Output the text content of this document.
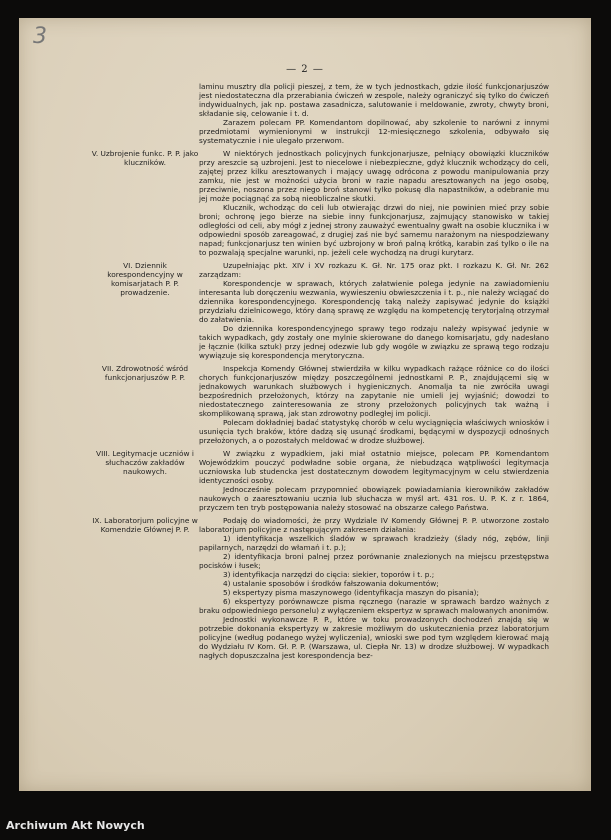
3
— 2 —

laminu musztry dla policji pieszej, z tem, że w tych jednostkach, gdzie ilość funkcjonarjuszów jest niedostateczna dla przerabiania ćwiczeń w zespole, należy ograniczyć się tylko do ćwiczeń indywidualnych, jak np. postawa zasadnicza, salutowanie i meldowanie, zwroty, chwyty broni, składanie się, celowanie i t. d.

Zarazem polecam PP. Komendantom dopilnować, aby szkolenie to narówni z innymi przedmiotami wymienionymi w instrukcji 12-miesięcznego szkolenia, odbywało się systematycznie i nie ulegało przerwom.

V. Uzbrojenie funkc. P. P. jako kluczników.

W niektórych jednostkach policyjnych funkcjonarjusze, pełniący obowiązki kluczników przy areszcie są uzbrojeni. Jest to niecelowe i niebezpieczne, gdyż klucznik wchodzący do celi, zajętej przez kilku aresztowanych i mający uwagę odrócona z powodu manipulowania przy zamku, nie jest w możności użycia broni w razie napadu aresztowanych na jego osobę, przeciwnie, noszona przez niego broń stanowi tylko pokusę dla napastników, a odebranie mu jej może pociągnąć za sobą nieobliczalne skutki.

Klucznik, wchodząc do celi lub otwierając drzwi do niej, nie powinien mieć przy sobie broni; ochronę jego bierze na siebie inny funkcjonarjusz, zajmujący stanowisko w takiej odległości od celi, aby mógł z jednej strony zauważyć ewentualny gwałt na osobie klucznika i w odpowiedni sposób zareagować, z drugiej zaś nie być samemu narażonym na niespodziewany napad; funkcjonarjusz ten winien być uzbrojony w broń palną krótką, karabin zaś tylko o ile na to pozwalają specjalne warunki, np. jeżeli cele wychodzą na drugi kurytarz.

VI. Dziennik korespondencyjny w komisarjatach P. P. prowadzenie.

Uzupełniając pkt. XIV i XV rozkazu K. Gł. Nr. 175 oraz pkt. I rozkazu K. Gł. Nr. 262 zarządzam:

Korespondencje w sprawach, których załatwienie polega jedynie na zawiadomieniu interesanta lub doręczeniu wezwania, wywieszeniu obwieszczenia i t. p., nie należy wciągać do dziennika korespondencyjnego. Korespondencję taką należy zapisywać jedynie do książki przydziału dzielnicowego, który daną sprawę ze względu na kompetencję terytorjalną otrzymał do załatwienia.

Do dziennika korespondencyjnego sprawy tego rodzaju należy wpisywać jedynie w takich wypadkach, gdy zostały one mylnie skierowane do danego komisarjatu, gdy nadesłano je łącznie (kilka sztuk) przy jednej odezwie lub gdy wogóle w związku ze sprawą tego rodzaju wywiązuje się korespondencja merytoryczna.

VII. Zdrowotność wśród funkcjonarjuszów P. P.

Inspekcja Komendy Głównej stwierdziła w kilku wypadkach rażące różnice co do ilości chorych funkcjonarjuszów między poszczególnemi jednostkami P. P., znajdującemi się w jednakowych warunkach służbowych i hygienicznych. Anomalja ta nie zwróciła uwagi bezpośrednich przełożonych, którzy na zapytanie nie umieli jej wyjaśnić; dowodzi to niedostatecznego zainteresowania ze strony przełożonych policyjnych tak ważną i skomplikowaną sprawą, jak stan zdrowotny podległej im policji.

Polecam dokładniej badać statystykę chorób w celu wyciągnięcia właściwych wniosków i usunięcia tych braków, które dadzą się usunąć środkami, będącymi w dyspozycji odnośnych przełożonych, a o pozostałych meldować w drodze służbowej.

VIII. Legitymacje uczniów i słuchaczów zakładów naukowych.

W związku z wypadkiem, jaki miał ostatnio miejsce, polecam PP. Komendantom Wojewódzkim pouczyć podwładne sobie organa, że niebudząca wątpliwości legitymacja uczniowska lub studencka jest dostatecznym dowodem legitymacyjnym w celu stwierdzenia identyczności osoby.

Jednocześnie polecam przypomnieć obowiązek powiadamiania kierowników zakładów naukowych o zaaresztowaniu ucznia lub słuchacza w myśl art. 431 ros. U. P. K. z r. 1864, przyczem ten tryb postępowania należy stosować na obszarze całego Państwa.

IX. Laboratorjum policyjne w Komendzie Głównej P. P.

Podaję do wiadomości, że przy Wydziale IV Komendy Głównej P. P. utworzone zostało laboratorjum policyjne z następującym zakresem działania:

1) identyfikacja wszelkich śladów w sprawach kradzieży (ślady nóg, zębów, linji papilarnych, narzędzi do włamań i t. p.);

2) identyfikacja broni palnej przez porównanie znalezionych na miejscu przestępstwa pocisków i łusek;

3) identyfikacja narzędzi do cięcia: siekier, toporów i t. p.;

4) ustalanie sposobów i środków fałszowania dokumentów;

5) ekspertyzy pisma maszynowego (identyfikacja maszyn do pisania);

6) ekspertyzy porównawcze pisma ręcznego (narazie w sprawach bardzo ważnych z braku odpowiedniego personelu) z wyłączeniem ekspertyz w sprawach malowanych anonimów.

Jednostki wykonawcze P. P., które w toku prowadzonych dochodzeń znajdą się w potrzebie dokonania ekspertyzy w zakresie możliwym do uskutecznienia przez laboratorjum policyjne (według podanego wyżej wyliczenia), wnioski swe pod tym względem kierować mają do Wydziału IV Kom. Gł. P. P. (Warszawa, ul. Ciepła Nr. 13) w drodze służbowej. W wypadkach nagłych dopuszczalna jest korespondencja bez-

Archiwum Akt Nowych
